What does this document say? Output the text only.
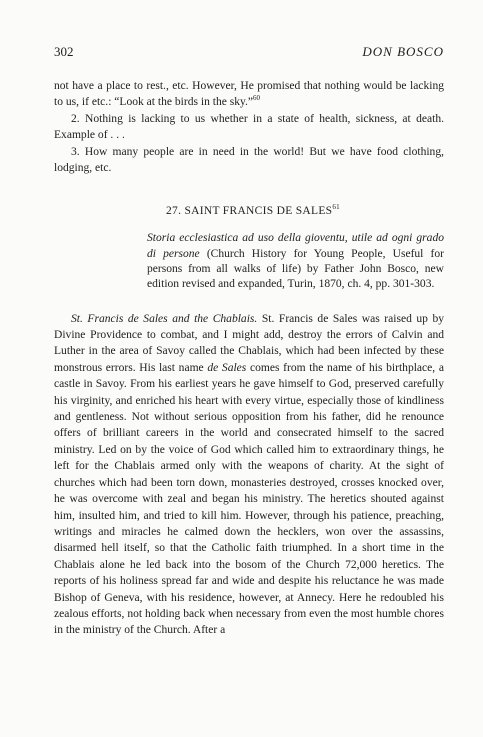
302	DON BOSCO

not have a place to rest., etc. However, He promised that nothing would be lacking to us, if etc.: “Look at the birds in the sky.”$^{60}$

2. Nothing is lacking to us whether in a state of health, sickness, at death. Example of . . .

3. How many people are in need in the world! But we have food clothing, lodging, etc.

27. SAINT FRANCIS DE SALES$^{61}$
Storia ecclesiastica ad uso della gioventu, utile ad ogni grado di persone (Church History for Young People, Useful for persons from all walks of life) by Father John Bosco, new edition revised and expanded, Turin, 1870, ch. 4, pp. 301-303.

St. Francis de Sales and the Chablais. St. Francis de Sales was raised up by Divine Providence to combat, and I might add, destroy the errors of Calvin and Luther in the area of Savoy called the Chablais, which had been infected by these monstrous errors. His last name de Sales comes from the name of his birthplace, a castle in Savoy. From his earliest years he gave himself to God, preserved carefully his virginity, and enriched his heart with every virtue, especially those of kindliness and gentleness. Not without serious opposition from his father, did he renounce offers of brilliant careers in the world and consecrated himself to the sacred ministry. Led on by the voice of God which called him to extraordinary things, he left for the Chablais armed only with the weapons of charity. At the sight of churches which had been torn down, monasteries destroyed, crosses knocked over, he was overcome with zeal and began his ministry. The heretics shouted against him, insulted him, and tried to kill him. However, through his patience, preaching, writings and miracles he calmed down the hecklers, won over the assassins, disarmed hell itself, so that the Catholic faith triumphed. In a short time in the Chablais alone he led back into the bosom of the Church 72,000 heretics. The reports of his holiness spread far and wide and despite his reluctance he was made Bishop of Geneva, with his residence, however, at Annecy. Here he redoubled his zealous efforts, not holding back when necessary from even the most humble chores in the ministry of the Church. After a
